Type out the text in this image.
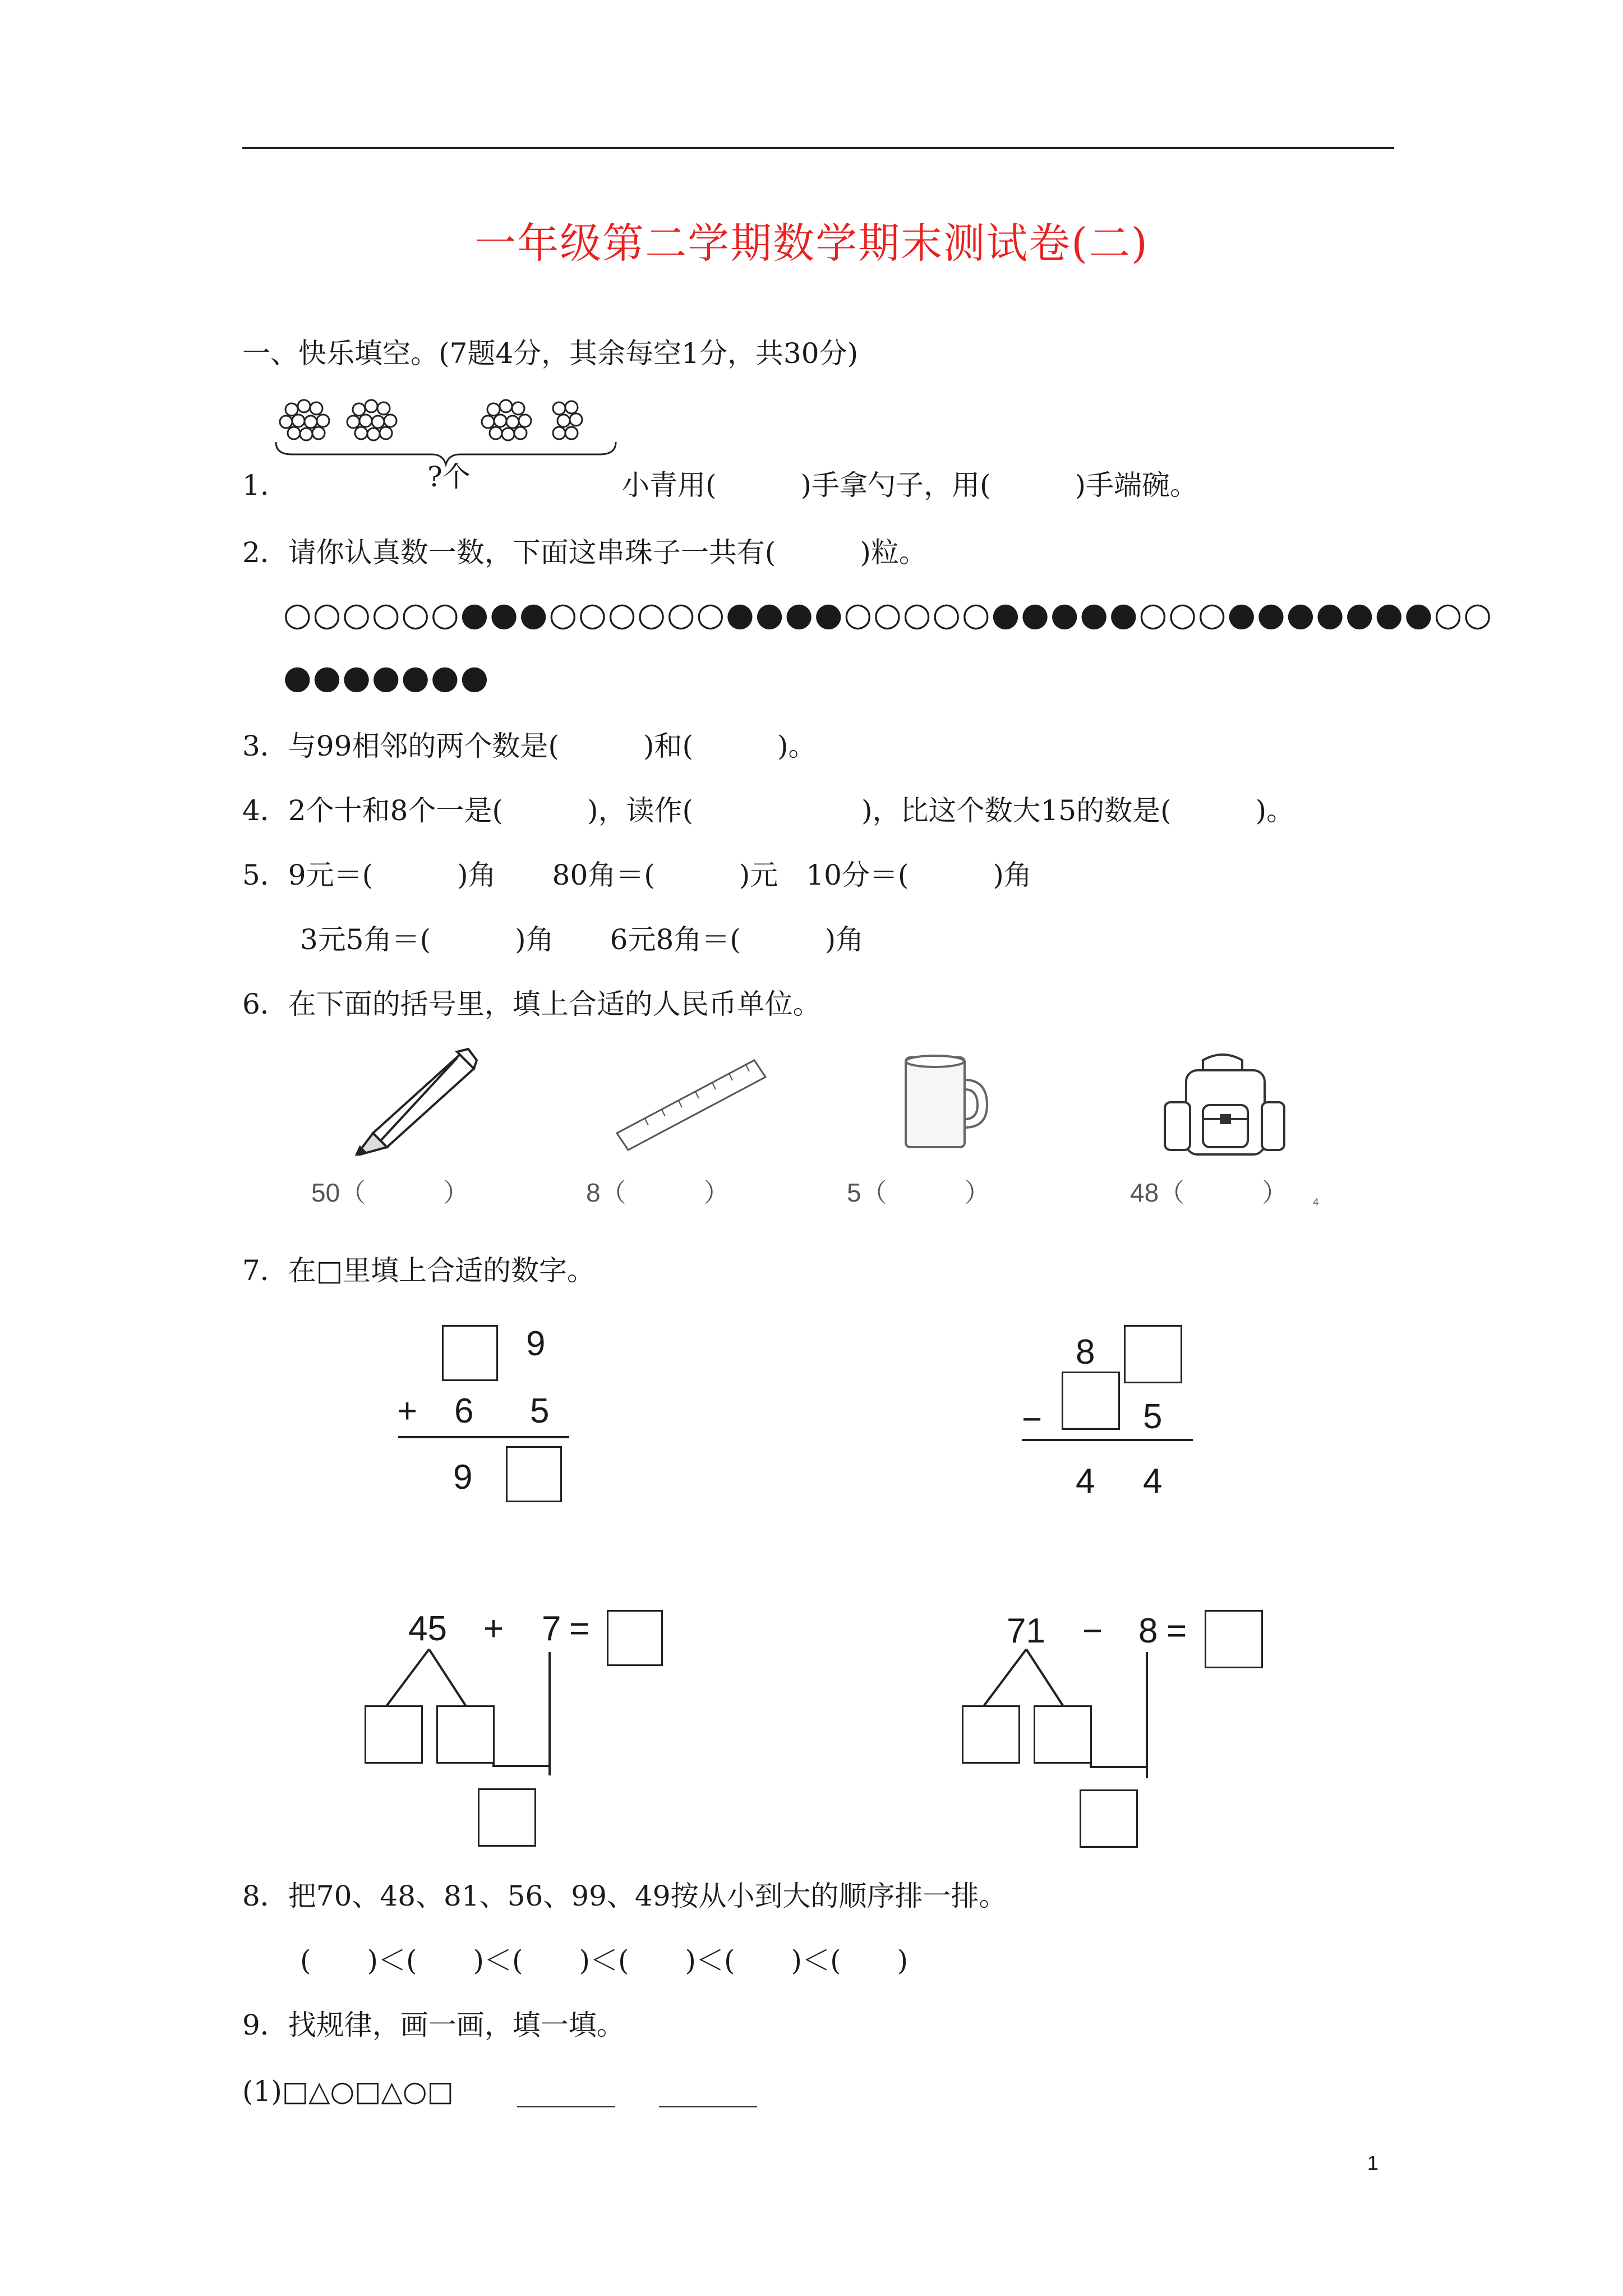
一年级第二学期数学期末测试卷(二)
一、快乐填空。(7题4分，其余每空1分，共30分)
1.	?个	小青用(　　　)手拿勺子，用(　　　)手端碗。
2．请你认真数一数，下面这串珠子一共有(　　　)粒。
○○○○○○●●●○○○○○○●●●●○○○○○●●●●●○○○●●●●●●●○○
●●●●●●●
3．与99相邻的两个数是(　　　)和(　　　)。
4．2个十和8个一是(　　　)，读作(　　　　　　)，比这个数大15的数是(　　　)。
5．9元＝(　　　)角　　80角＝(　　　)元　10分＝(　　　)角
3元5角＝(　　　)角　　6元8角＝(　　　)角
6．在下面的括号里，填上合适的人民币单位。
50（　　　）	8（　　　）	5（　　　）	48（　　　） ₄
7．在□里填上合适的数字。
9
+ 6 5
9
8
−	5
4 4
45 + 7 =	71 − 8 =
8．把70、48、81、56、99、49按从小到大的顺序排一排。
(　　)＜(　　)＜(　　)＜(　　)＜(　　)＜(　　)
9．找规律，画一画，填一填。
(1)□△○□△○□ _______ _______
1
